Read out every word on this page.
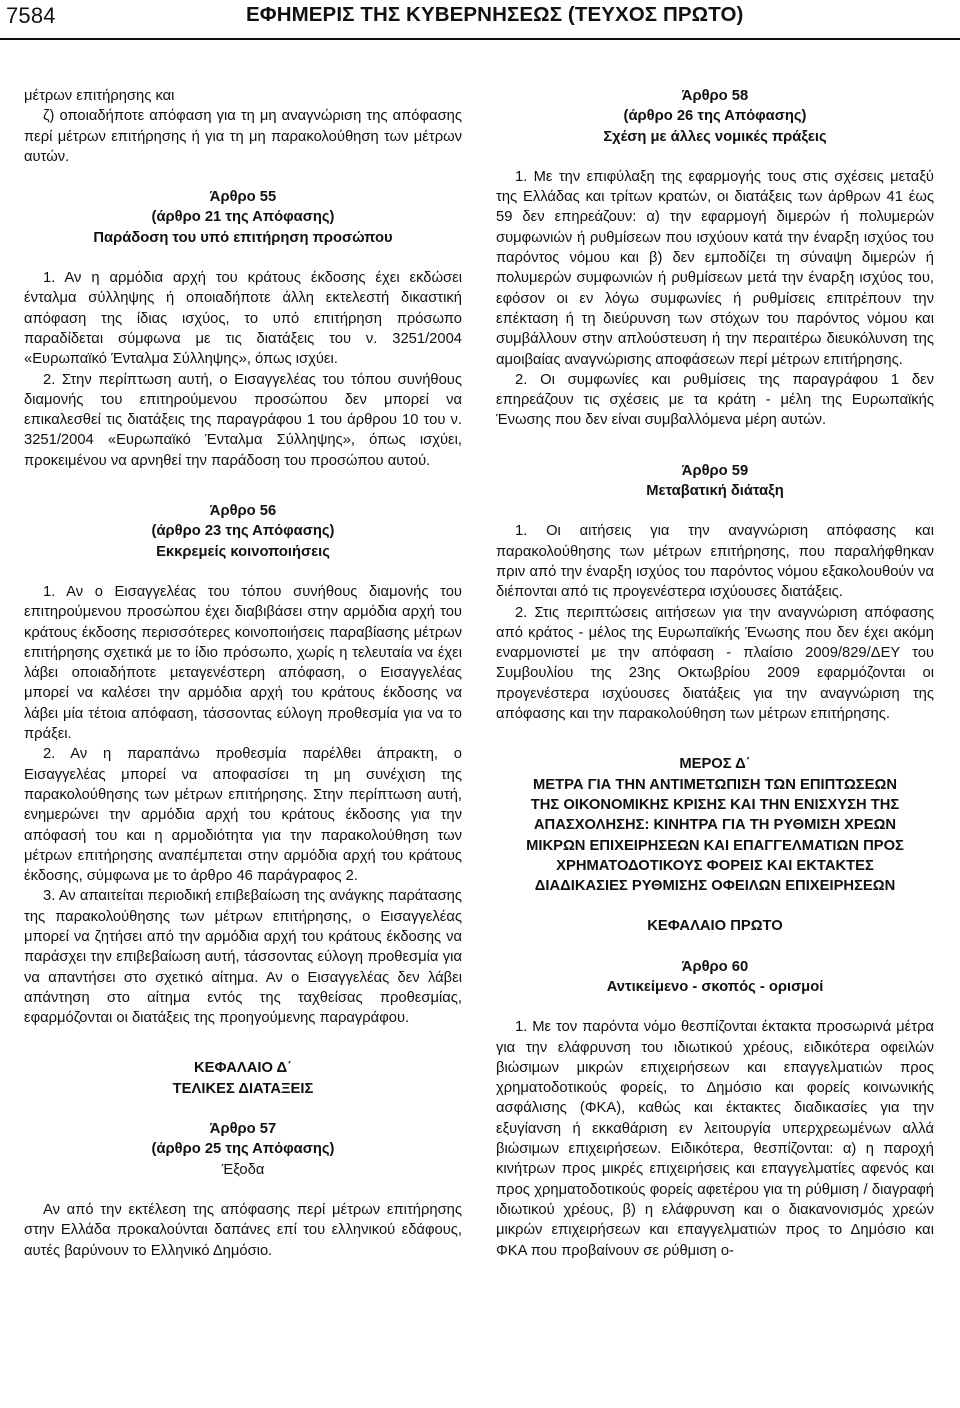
7584	ΕΦΗΜΕΡΙΣ ΤΗΣ ΚΥΒΕΡΝΗΣΕΩΣ (ΤΕΥΧΟΣ ΠΡΩΤΟ)

μέτρων επιτήρησης και

ζ) οποιαδήποτε απόφαση για τη μη αναγνώριση της απόφασης περί μέτρων επιτήρησης ή για τη μη παρακολούθηση των μέτρων αυτών.

Άρθρο 55
(άρθρο 21 της Απόφασης)
Παράδοση του υπό επιτήρηση προσώπου

1. Αν η αρμόδια αρχή του κράτους έκδοσης έχει εκδώσει ένταλμα σύλληψης ή οποιαδήποτε άλλη εκτελεστή δικαστική απόφαση της ίδιας ισχύος, το υπό επιτήρηση πρόσωπο παραδίδεται σύμφωνα με τις διατάξεις του ν. 3251/2004 «Ευρωπαϊκό Ένταλμα Σύλληψης», όπως ισχύει.

2. Στην περίπτωση αυτή, ο Εισαγγελέας του τόπου συνήθους διαμονής του επιτηρούμενου προσώπου δεν μπορεί να επικαλεσθεί τις διατάξεις της παραγράφου 1 του άρθρου 10 του ν. 3251/2004 «Ευρωπαϊκό Ένταλμα Σύλληψης», όπως ισχύει, προκειμένου να αρνηθεί την παράδοση του προσώπου αυτού.

Άρθρο 56
(άρθρο 23 της Απόφασης)
Εκκρεμείς κοινοποιήσεις

1. Αν ο Εισαγγελέας του τόπου συνήθους διαμονής του επιτηρούμενου προσώπου έχει διαβιβάσει στην αρμόδια αρχή του κράτους έκδοσης περισσότερες κοινοποιήσεις παραβίασης μέτρων επιτήρησης σχετικά με το ίδιο πρόσωπο, χωρίς η τελευταία να έχει λάβει οποιαδήποτε μεταγενέστερη απόφαση, ο Εισαγγελέας μπορεί να καλέσει την αρμόδια αρχή του κράτους έκδοσης να λάβει μία τέτοια απόφαση, τάσσοντας εύλογη προθεσμία για να το πράξει.

2. Αν η παραπάνω προθεσμία παρέλθει άπρακτη, ο Εισαγγελέας μπορεί να αποφασίσει τη μη συνέχιση της παρακολούθησης των μέτρων επιτήρησης. Στην περίπτωση αυτή, ενημερώνει την αρμόδια αρχή του κράτους έκδοσης για την απόφασή του και η αρμοδιότητα για την παρακολούθηση των μέτρων επιτήρησης αναπέμπεται στην αρμόδια αρχή του κράτους έκδοσης, σύμφωνα με το άρθρο 46 παράγραφος 2.

3. Αν απαιτείται περιοδική επιβεβαίωση της ανάγκης παράτασης της παρακολούθησης των μέτρων επιτήρησης, ο Εισαγγελέας μπορεί να ζητήσει από την αρμόδια αρχή του κράτους έκδοσης να παράσχει την επιβεβαίωση αυτή, τάσσοντας εύλογη προθεσμία για να απαντήσει στο σχετικό αίτημα. Αν ο Εισαγγελέας δεν λάβει απάντηση στο αίτημα εντός της ταχθείσας προθεσμίας, εφαρμόζονται οι διατάξεις της προηγούμενης παραγράφου.

ΚΕΦΑΛΑΙΟ Δ΄
ΤΕΛΙΚΕΣ ΔΙΑΤΑΞΕΙΣ
Άρθρο 57
(άρθρο 25 της Απόφασης)
Έξοδα

Αν από την εκτέλεση της απόφασης περί μέτρων επιτήρησης στην Ελλάδα προκαλούνται δαπάνες επί του ελληνικού εδάφους, αυτές βαρύνουν το Ελληνικό Δημόσιο.

Άρθρο 58
(άρθρο 26 της Απόφασης)
Σχέση με άλλες νομικές πράξεις

1. Με την επιφύλαξη της εφαρμογής τους στις σχέσεις μεταξύ της Ελλάδας και τρίτων κρατών, οι διατάξεις των άρθρων 41 έως 59 δεν επηρεάζουν: α) την εφαρμογή διμερών ή πολυμερών συμφωνιών ή ρυθμίσεων που ισχύουν κατά την έναρξη ισχύος του παρόντος νόμου και β) δεν εμποδίζει τη σύναψη διμερών ή πολυμερών συμφωνιών ή ρυθμίσεων μετά την έναρξη ισχύος του, εφόσον οι εν λόγω συμφωνίες ή ρυθμίσεις επιτρέπουν την επέκταση ή τη διεύρυνση των στόχων του παρόντος νόμου και συμβάλλουν στην απλούστευση ή την περαιτέρω διευκόλυνση της αμοιβαίας αναγνώρισης αποφάσεων περί μέτρων επιτήρησης.

2. Οι συμφωνίες και ρυθμίσεις της παραγράφου 1 δεν επηρεάζουν τις σχέσεις με τα κράτη - μέλη της Ευρωπαϊκής Ένωσης που δεν είναι συμβαλλόμενα μέρη αυτών.

Άρθρο 59
Μεταβατική διάταξη

1. Οι αιτήσεις για την αναγνώριση απόφασης και παρακολούθησης των μέτρων επιτήρησης, που παραλήφθηκαν πριν από την έναρξη ισχύος του παρόντος νόμου εξακολουθούν να διέπονται από τις προγενέστερα ισχύουσες διατάξεις.

2. Στις περιπτώσεις αιτήσεων για την αναγνώριση απόφασης από κράτος - μέλος της Ευρωπαϊκής Ένωσης που δεν έχει ακόμη εναρμονιστεί με την απόφαση - πλαίσιο 2009/829/ΔΕΥ του Συμβουλίου της 23ης Οκτωβρίου 2009 εφαρμόζονται οι προγενέστερα ισχύουσες διατάξεις για την αναγνώριση της απόφασης και την παρακολούθηση των μέτρων επιτήρησης.

ΜΕΡΟΣ Δ΄
ΜΕΤΡΑ ΓΙΑ ΤΗΝ ΑΝΤΙΜΕΤΩΠΙΣΗ ΤΩΝ ΕΠΙΠΤΩΣΕΩΝ
ΤΗΣ ΟΙΚΟΝΟΜΙΚΗΣ ΚΡΙΣΗΣ ΚΑΙ ΤΗΝ ΕΝΙΣΧΥΣΗ ΤΗΣ
ΑΠΑΣΧΟΛΗΣΗΣ: ΚΙΝΗΤΡΑ ΓΙΑ ΤΗ ΡΥΘΜΙΣΗ ΧΡΕΩΝ
ΜΙΚΡΩΝ ΕΠΙΧΕΙΡΗΣΕΩΝ ΚΑΙ ΕΠΑΓΓΕΛΜΑΤΙΩΝ ΠΡΟΣ
ΧΡΗΜΑΤΟΔΟΤΙΚΟΥΣ ΦΟΡΕΙΣ ΚΑΙ ΕΚΤΑΚΤΕΣ
ΔΙΑΔΙΚΑΣΙΕΣ ΡΥΘΜΙΣΗΣ ΟΦΕΙΛΩΝ ΕΠΙΧΕΙΡΗΣΕΩΝ
ΚΕΦΑΛΑΙΟ ΠΡΩΤΟ
Άρθρο 60
Αντικείμενο - σκοπός - ορισμοί

1. Με τον παρόντα νόμο θεσπίζονται έκτακτα προσωρινά μέτρα για την ελάφρυνση του ιδιωτικού χρέους, ειδικότερα οφειλών βιώσιμων μικρών επιχειρήσεων και επαγγελματιών προς χρηματοδοτικούς φορείς, το Δημόσιο και φορείς κοινωνικής ασφάλισης (ΦΚΑ), καθώς και έκτακτες διαδικασίες για την εξυγίανση ή εκκαθάριση εν λειτουργία υπερχρεωμένων αλλά βιώσιμων επιχειρήσεων. Ειδικότερα, θεσπίζονται: α) η παροχή κινήτρων προς μικρές επιχειρήσεις και επαγγελματίες αφενός και προς χρηματοδοτικούς φορείς αφετέρου για τη ρύθμιση / διαγραφή ιδιωτικού χρέους, β) η ελάφρυνση και ο διακανονισμός χρεών μικρών επιχειρήσεων και επαγγελματιών προς το Δημόσιο και ΦΚΑ που προβαίνουν σε ρύθμιση ο-
